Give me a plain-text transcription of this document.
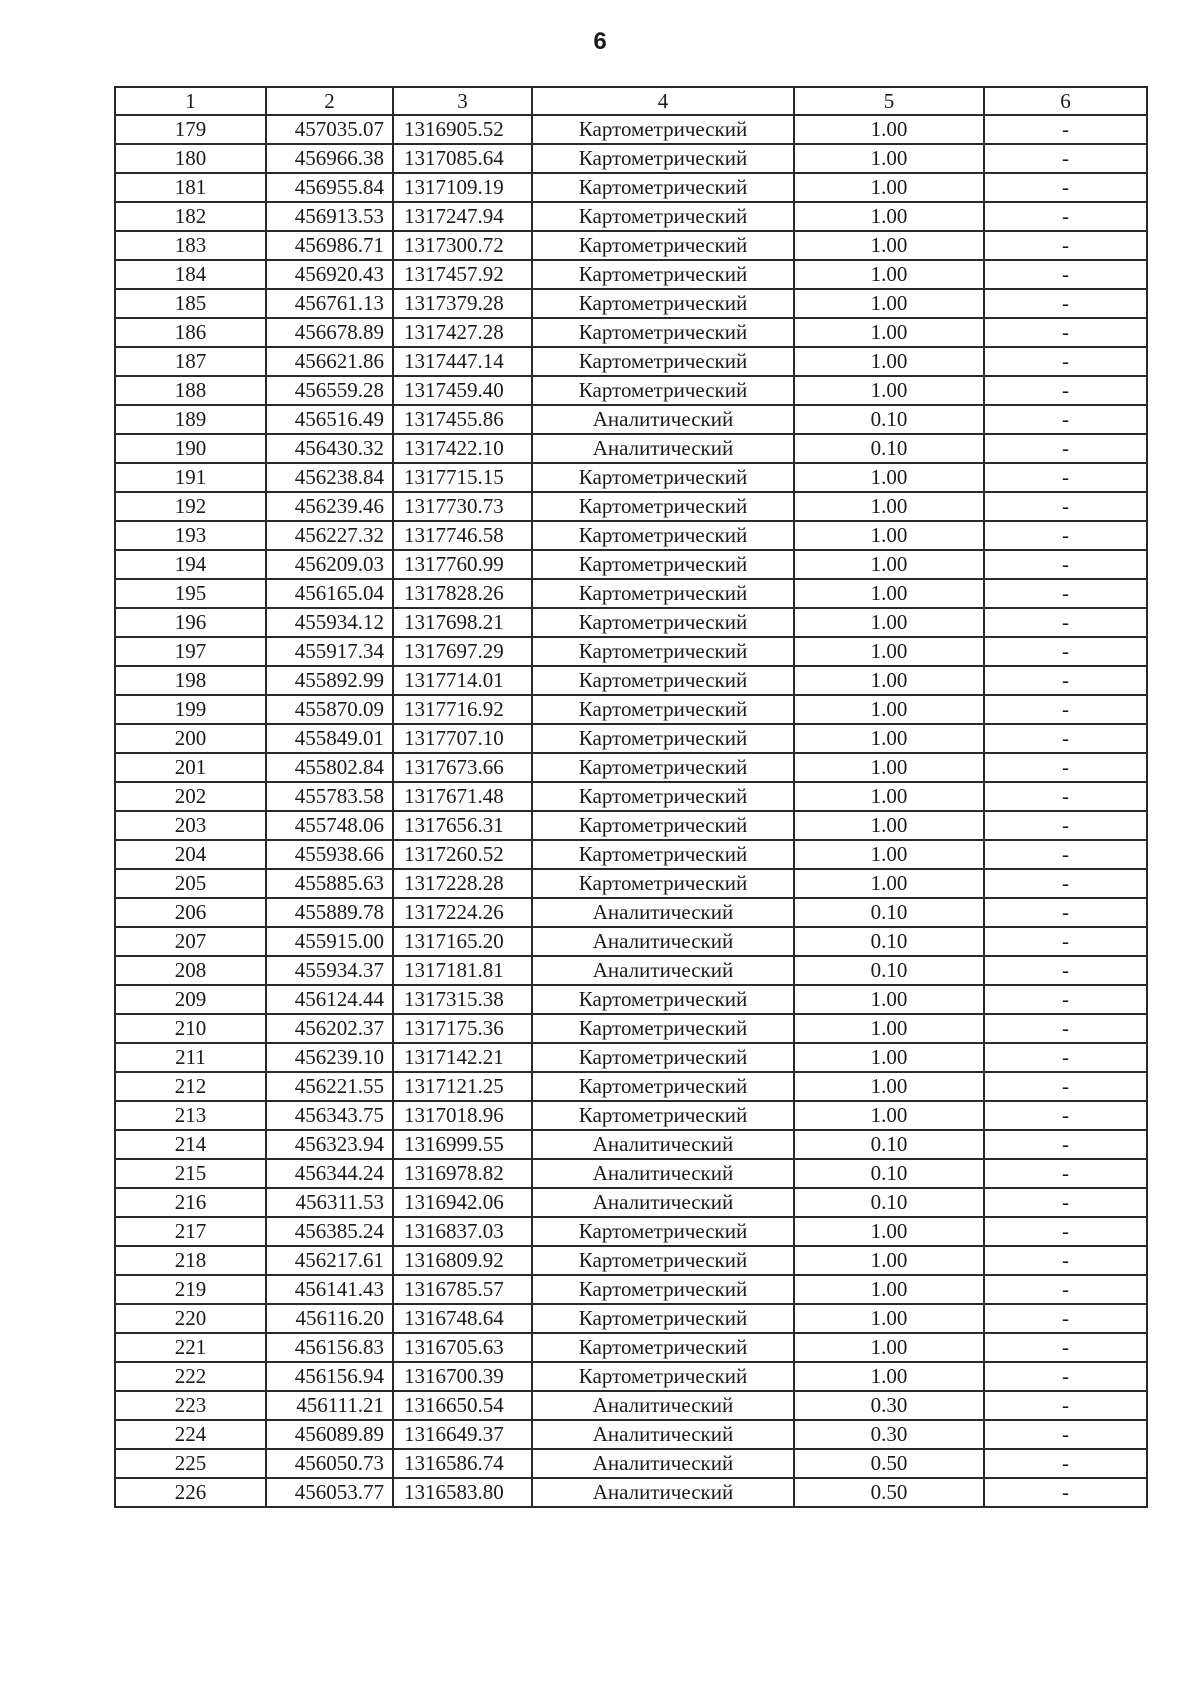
6
1	2	3	4	5	6
179	457035.07	1316905.52	Картометрический	1.00	-
180	456966.38	1317085.64	Картометрический	1.00	-
181	456955.84	1317109.19	Картометрический	1.00	-
182	456913.53	1317247.94	Картометрический	1.00	-
183	456986.71	1317300.72	Картометрический	1.00	-
184	456920.43	1317457.92	Картометрический	1.00	-
185	456761.13	1317379.28	Картометрический	1.00	-
186	456678.89	1317427.28	Картометрический	1.00	-
187	456621.86	1317447.14	Картометрический	1.00	-
188	456559.28	1317459.40	Картометрический	1.00	-
189	456516.49	1317455.86	Аналитический	0.10	-
190	456430.32	1317422.10	Аналитический	0.10	-
191	456238.84	1317715.15	Картометрический	1.00	-
192	456239.46	1317730.73	Картометрический	1.00	-
193	456227.32	1317746.58	Картометрический	1.00	-
194	456209.03	1317760.99	Картометрический	1.00	-
195	456165.04	1317828.26	Картометрический	1.00	-
196	455934.12	1317698.21	Картометрический	1.00	-
197	455917.34	1317697.29	Картометрический	1.00	-
198	455892.99	1317714.01	Картометрический	1.00	-
199	455870.09	1317716.92	Картометрический	1.00	-
200	455849.01	1317707.10	Картометрический	1.00	-
201	455802.84	1317673.66	Картометрический	1.00	-
202	455783.58	1317671.48	Картометрический	1.00	-
203	455748.06	1317656.31	Картометрический	1.00	-
204	455938.66	1317260.52	Картометрический	1.00	-
205	455885.63	1317228.28	Картометрический	1.00	-
206	455889.78	1317224.26	Аналитический	0.10	-
207	455915.00	1317165.20	Аналитический	0.10	-
208	455934.37	1317181.81	Аналитический	0.10	-
209	456124.44	1317315.38	Картометрический	1.00	-
210	456202.37	1317175.36	Картометрический	1.00	-
211	456239.10	1317142.21	Картометрический	1.00	-
212	456221.55	1317121.25	Картометрический	1.00	-
213	456343.75	1317018.96	Картометрический	1.00	-
214	456323.94	1316999.55	Аналитический	0.10	-
215	456344.24	1316978.82	Аналитический	0.10	-
216	456311.53	1316942.06	Аналитический	0.10	-
217	456385.24	1316837.03	Картометрический	1.00	-
218	456217.61	1316809.92	Картометрический	1.00	-
219	456141.43	1316785.57	Картометрический	1.00	-
220	456116.20	1316748.64	Картометрический	1.00	-
221	456156.83	1316705.63	Картометрический	1.00	-
222	456156.94	1316700.39	Картометрический	1.00	-
223	456111.21	1316650.54	Аналитический	0.30	-
224	456089.89	1316649.37	Аналитический	0.30	-
225	456050.73	1316586.74	Аналитический	0.50	-
226	456053.77	1316583.80	Аналитический	0.50	-
